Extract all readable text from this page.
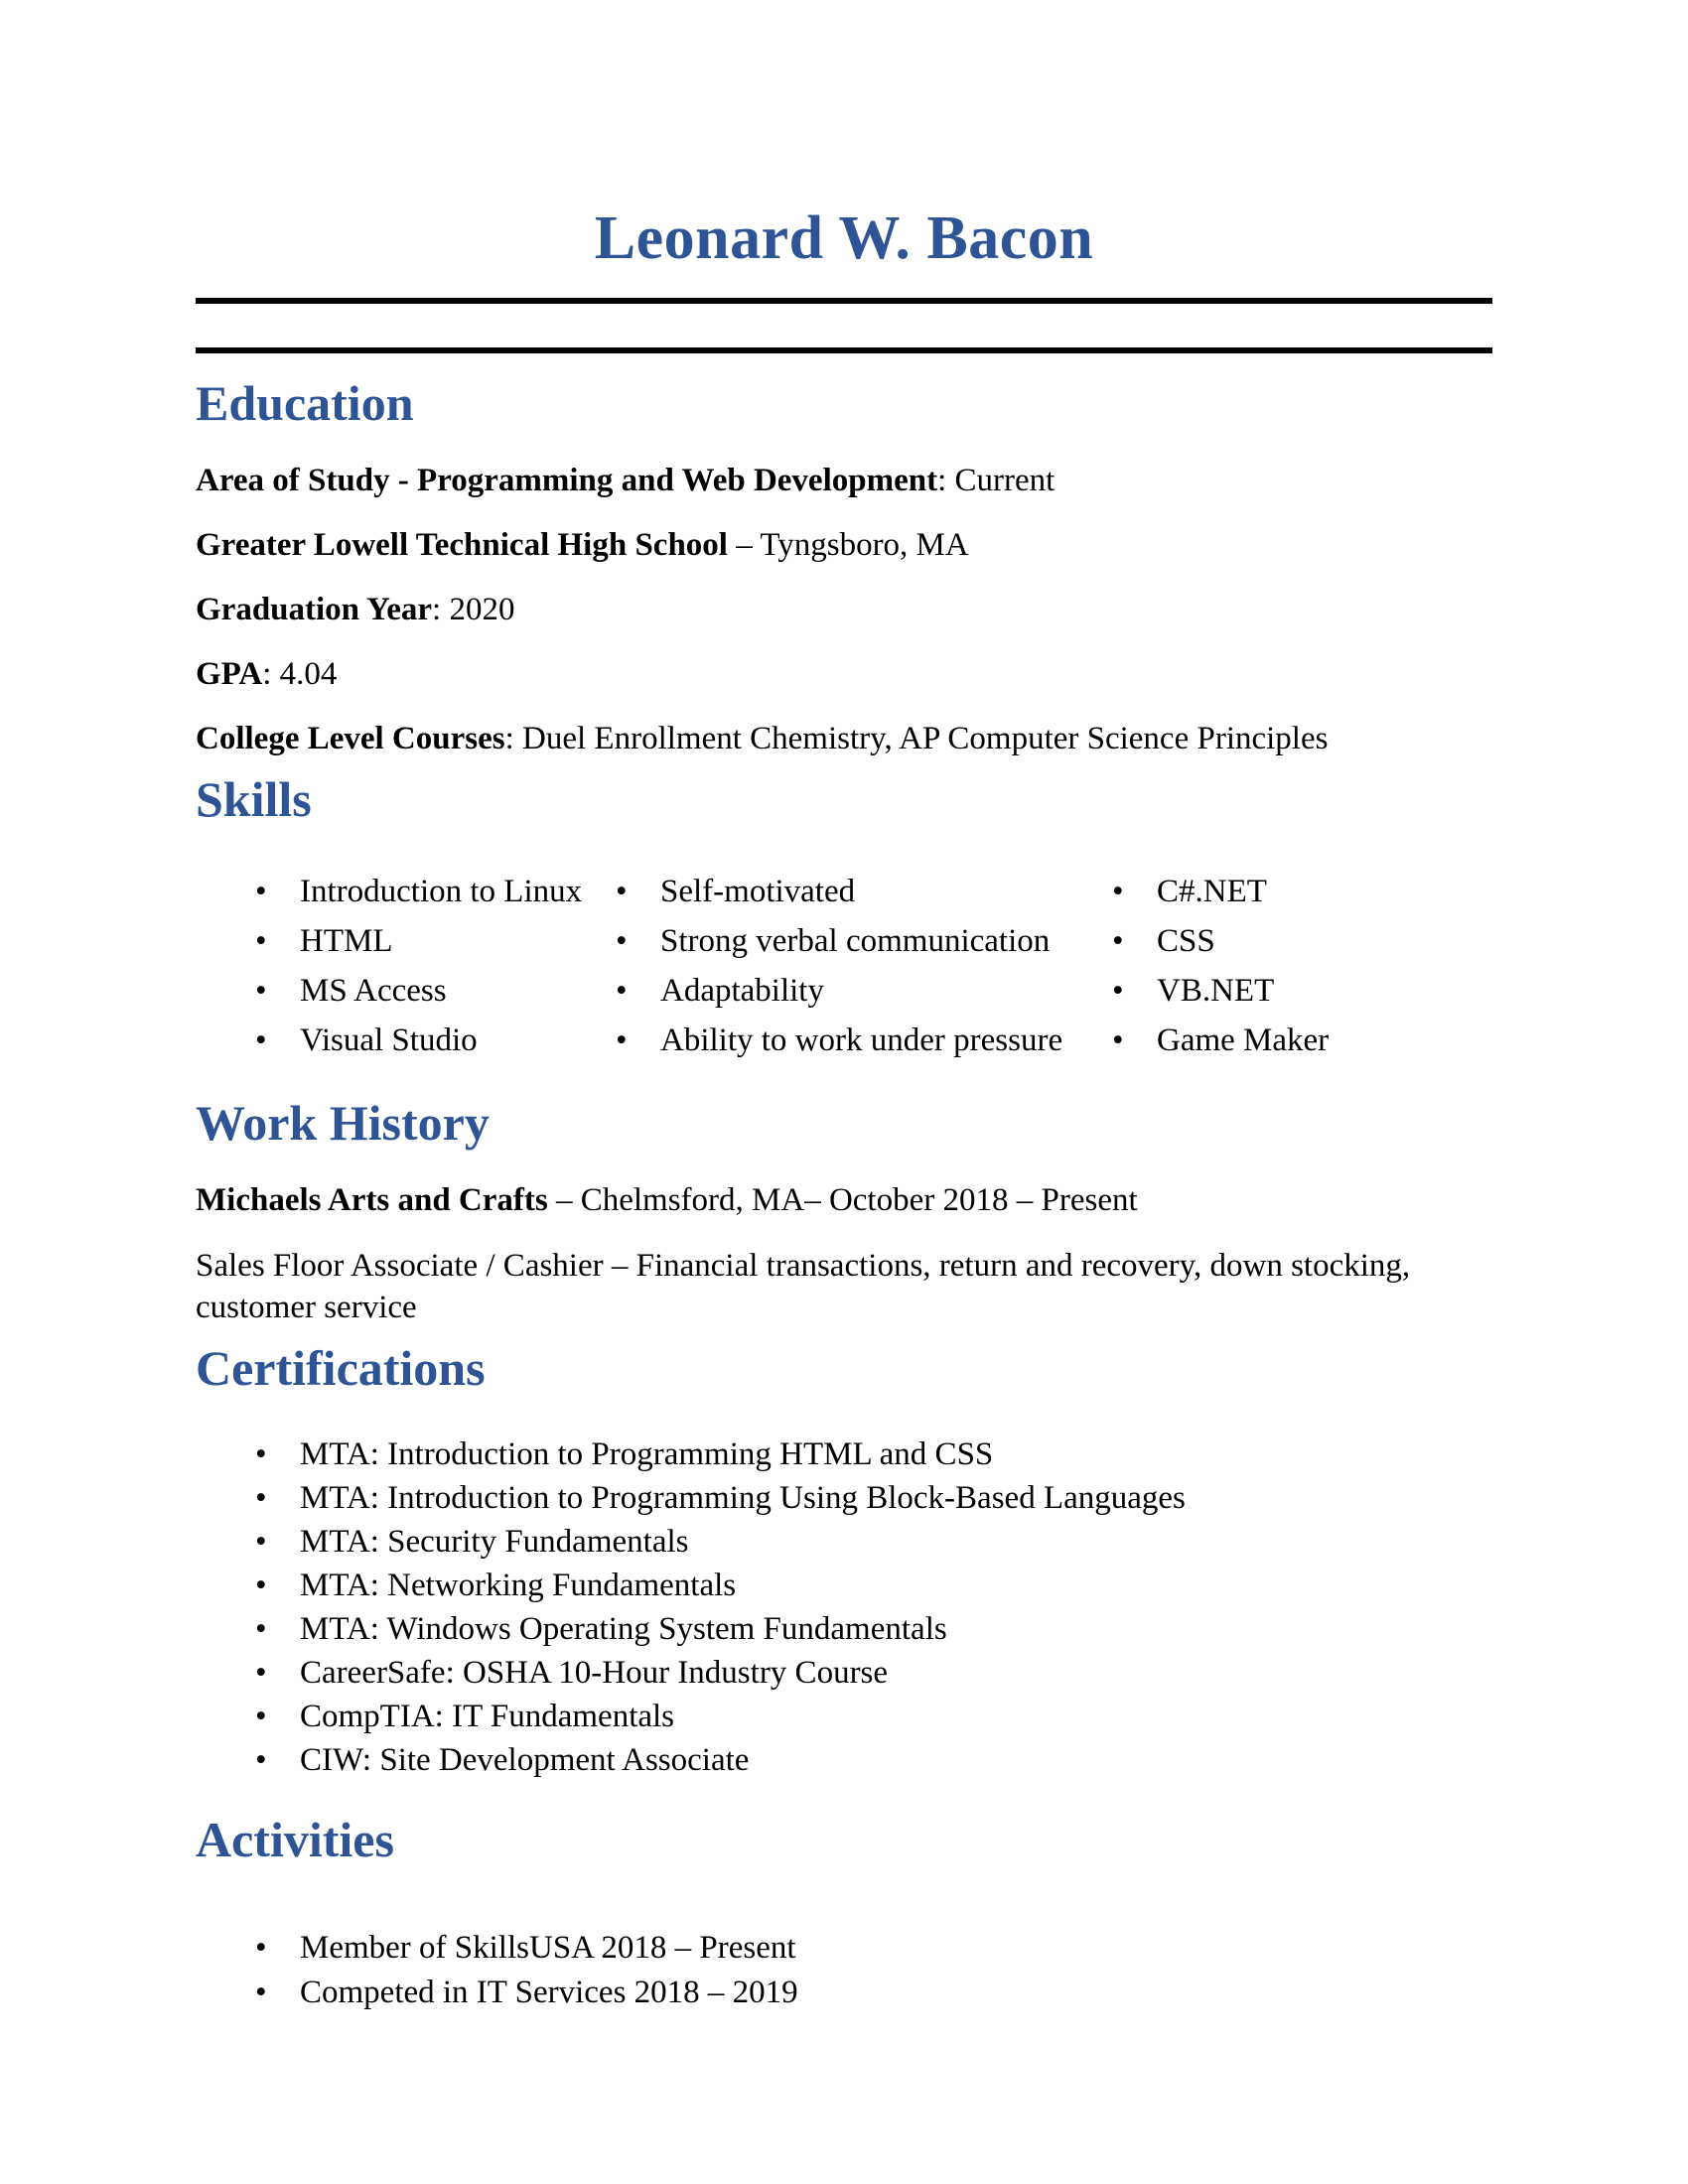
Leonard W. Bacon
Education

Area of Study - Programming and Web Development: Current

Greater Lowell Technical High School – Tyngsboro, MA

Graduation Year: 2020

GPA: 4.04

College Level Courses: Duel Enrollment Chemistry, AP Computer Science Principles

Skills
•	Introduction to Linux
•	HTML
•	MS Access
•	Visual Studio
•	Self-motivated
•	Strong verbal communication
•	Adaptability
•	Ability to work under pressure
•	C#.NET
•	CSS
•	VB.NET
•	Game Maker
Work History

Michaels Arts and Crafts – Chelmsford, MA– October 2018 – Present

Sales Floor Associate / Cashier – Financial transactions, return and recovery, down stocking, customer service

Certifications
•	MTA: Introduction to Programming HTML and CSS
•	MTA: Introduction to Programming Using Block-Based Languages
•	MTA: Security Fundamentals
•	MTA: Networking Fundamentals
•	MTA: Windows Operating System Fundamentals
•	CareerSafe: OSHA 10-Hour Industry Course
•	CompTIA: IT Fundamentals
•	CIW: Site Development Associate
Activities
•	Member of SkillsUSA 2018 – Present
•	Competed in IT Services 2018 – 2019
